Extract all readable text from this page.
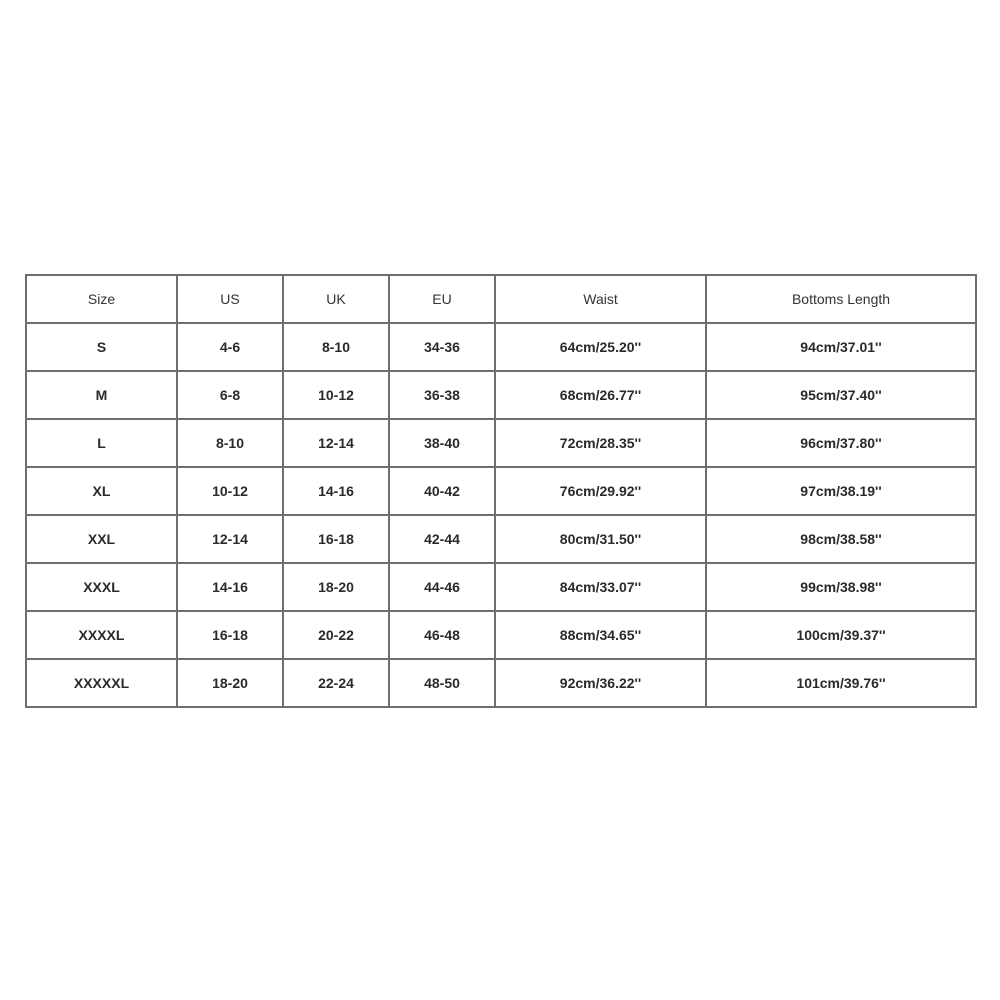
Size	US	UK	EU	Waist	Bottoms Length
S	4-6	8-10	34-36	64cm/25.20''	94cm/37.01''
M	6-8	10-12	36-38	68cm/26.77''	95cm/37.40''
L	8-10	12-14	38-40	72cm/28.35''	96cm/37.80''
XL	10-12	14-16	40-42	76cm/29.92''	97cm/38.19''
XXL	12-14	16-18	42-44	80cm/31.50''	98cm/38.58''
XXXL	14-16	18-20	44-46	84cm/33.07''	99cm/38.98''
XXXXL	16-18	20-22	46-48	88cm/34.65''	100cm/39.37''
XXXXXL	18-20	22-24	48-50	92cm/36.22''	101cm/39.76''
